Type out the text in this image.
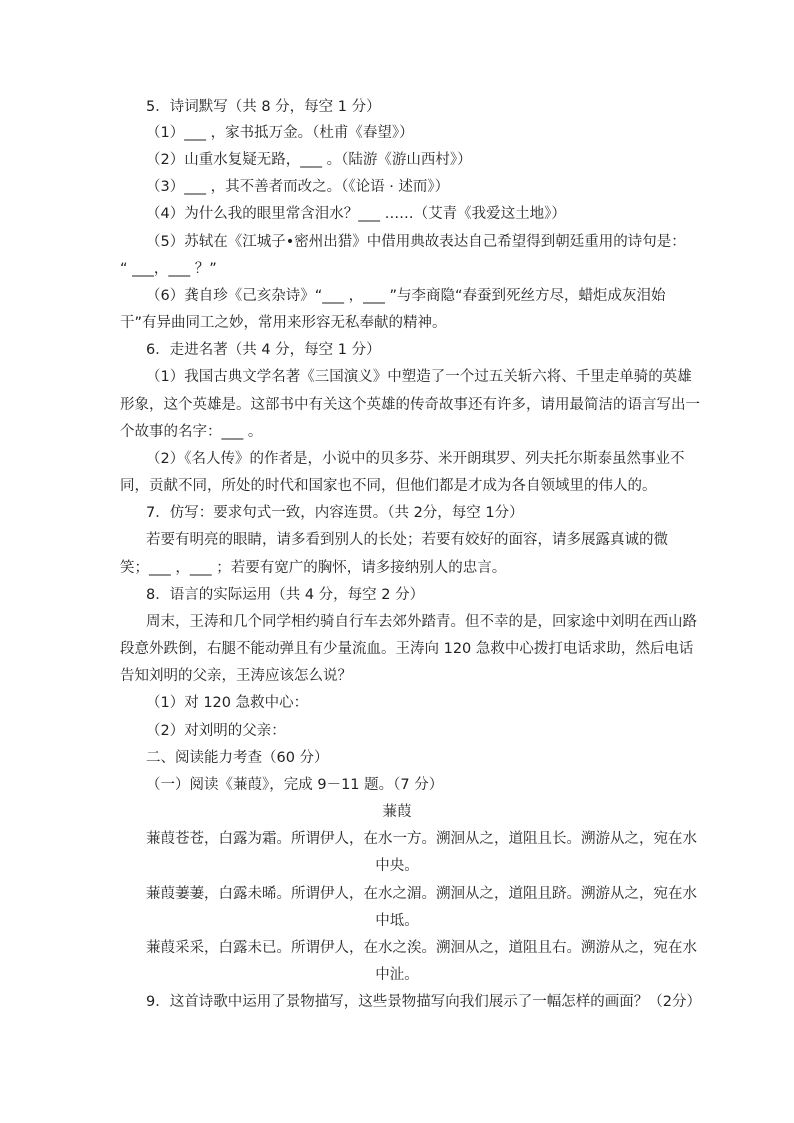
5．诗词默写（共 8 分，每空 1 分）
（1）___ ，家书抵万金。（杜甫《春望》）
（2）山重水复疑无路，___ 。（陆游《游山西村》）
（3）___ ，其不善者而改之。（《论语 · 述而》）
（4）为什么我的眼里常含泪水？___ ……（艾青《我爱这土地》）
（5）苏轼在《江城子•密州出猎》中借用典故表达自己希望得到朝廷重用的诗句是：
“ ___，___ ？”
（6）龚自珍《己亥杂诗》“___ ，___ ”与李商隐“春蚕到死丝方尽，蜡炬成灰泪始
干”有异曲同工之妙，常用来形容无私奉献的精神。
6．走进名著（共 4 分，每空 1 分）
（1）我国古典文学名著《三国演义》中塑造了一个过五关斩六将、千里走单骑的英雄
形象，这个英雄是。这部书中有关这个英雄的传奇故事还有许多，请用最简洁的语言写出一
个故事的名字：___ 。
（2）《名人传》的作者是，小说中的贝多芬、米开朗琪罗、列夫托尔斯泰虽然事业不
同，贡献不同，所处的时代和国家也不同，但他们都是才成为各自领域里的伟人的。
7．仿写：要求句式一致，内容连贯。（共 2分，每空 1分）
若要有明亮的眼睛，请多看到别人的长处；若要有姣好的面容，请多展露真诚的微
笑；___ ，___ ；若要有宽广的胸怀，请多接纳别人的忠言。
8．语言的实际运用（共 4 分，每空 2 分）
周末，王涛和几个同学相约骑自行车去郊外踏青。但不幸的是，回家途中刘明在西山路
段意外跌倒，右腿不能动弹且有少量流血。王涛向 120 急救中心拨打电话求助，然后电话
告知刘明的父亲，王涛应该怎么说？
（1）对 120 急救中心：
（2）对刘明的父亲：
二、阅读能力考查（60 分）
（一）阅读《蒹葭》，完成 9－11 题。（7 分）
蒹葭
蒹葭苍苍，白露为霜。所谓伊人，在水一方。溯洄从之，道阻且长。溯游从之，宛在水
中央。
蒹葭萋萋，白露未晞。所谓伊人，在水之湄。溯洄从之，道阻且跻。溯游从之，宛在水
中坻。
蒹葭采采，白露未已。所谓伊人，在水之涘。溯洄从之，道阻且右。溯游从之，宛在水
中沚。
9．这首诗歌中运用了景物描写，这些景物描写向我们展示了一幅怎样的画面？（2分）
